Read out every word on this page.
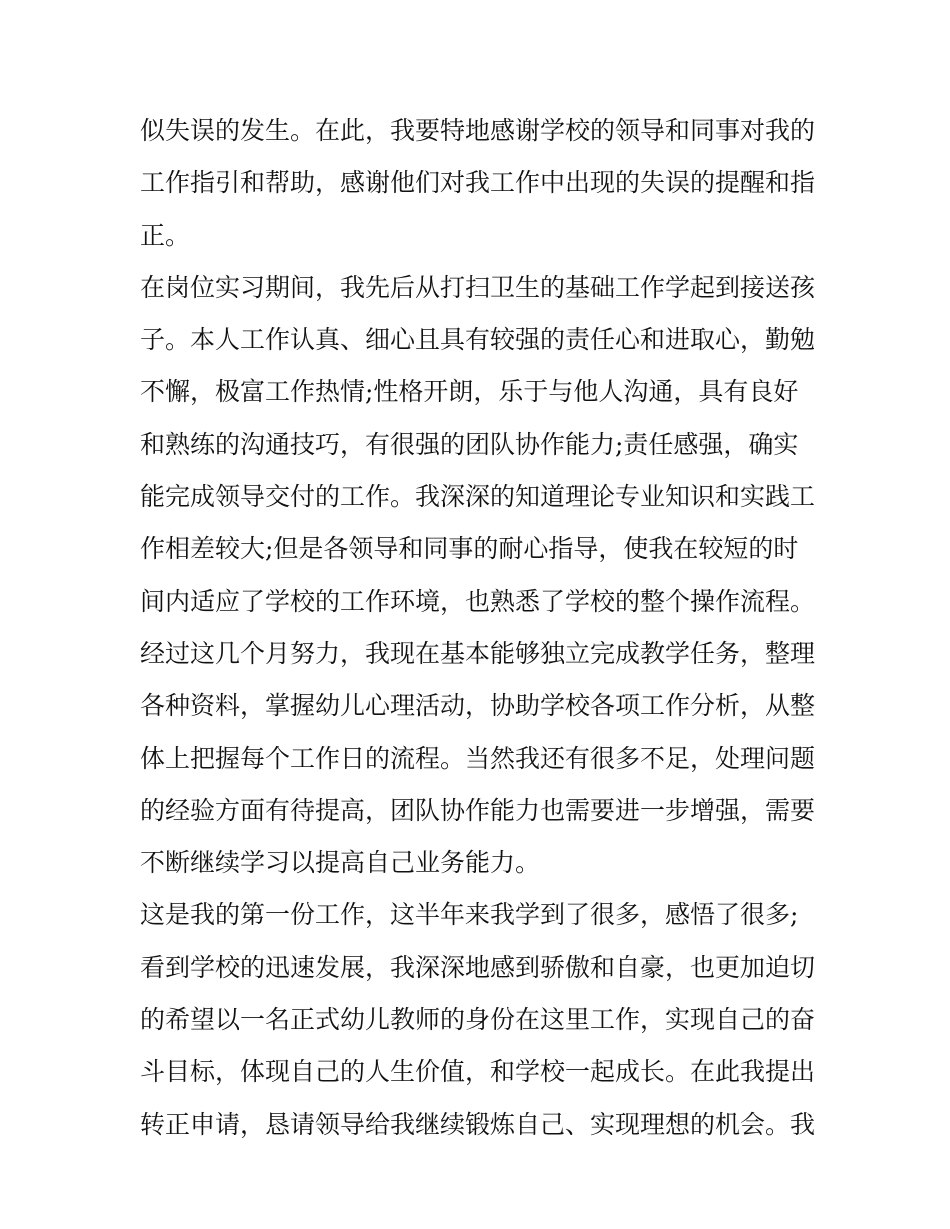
似失误的发生。在此，我要特地感谢学校的领导和同事对我的
工作指引和帮助，感谢他们对我工作中出现的失误的提醒和指
正。
在岗位实习期间，我先后从打扫卫生的基础工作学起到接送孩
子。本人工作认真、细心且具有较强的责任心和进取心，勤勉
不懈，极富工作热情;性格开朗，乐于与他人沟通，具有良好
和熟练的沟通技巧，有很强的团队协作能力;责任感强，确实
能完成领导交付的工作。我深深的知道理论专业知识和实践工
作相差较大;但是各领导和同事的耐心指导，使我在较短的时
间内适应了学校的工作环境，也熟悉了学校的整个操作流程。
经过这几个月努力，我现在基本能够独立完成教学任务，整理
各种资料，掌握幼儿心理活动，协助学校各项工作分析，从整
体上把握每个工作日的流程。当然我还有很多不足，处理问题
的经验方面有待提高，团队协作能力也需要进一步增强，需要
不断继续学习以提高自己业务能力。
这是我的第一份工作，这半年来我学到了很多，感悟了很多;
看到学校的迅速发展，我深深地感到骄傲和自豪，也更加迫切
的希望以一名正式幼儿教师的身份在这里工作，实现自己的奋
斗目标，体现自己的人生价值，和学校一起成长。在此我提出
转正申请，恳请领导给我继续锻炼自己、实现理想的机会。我
